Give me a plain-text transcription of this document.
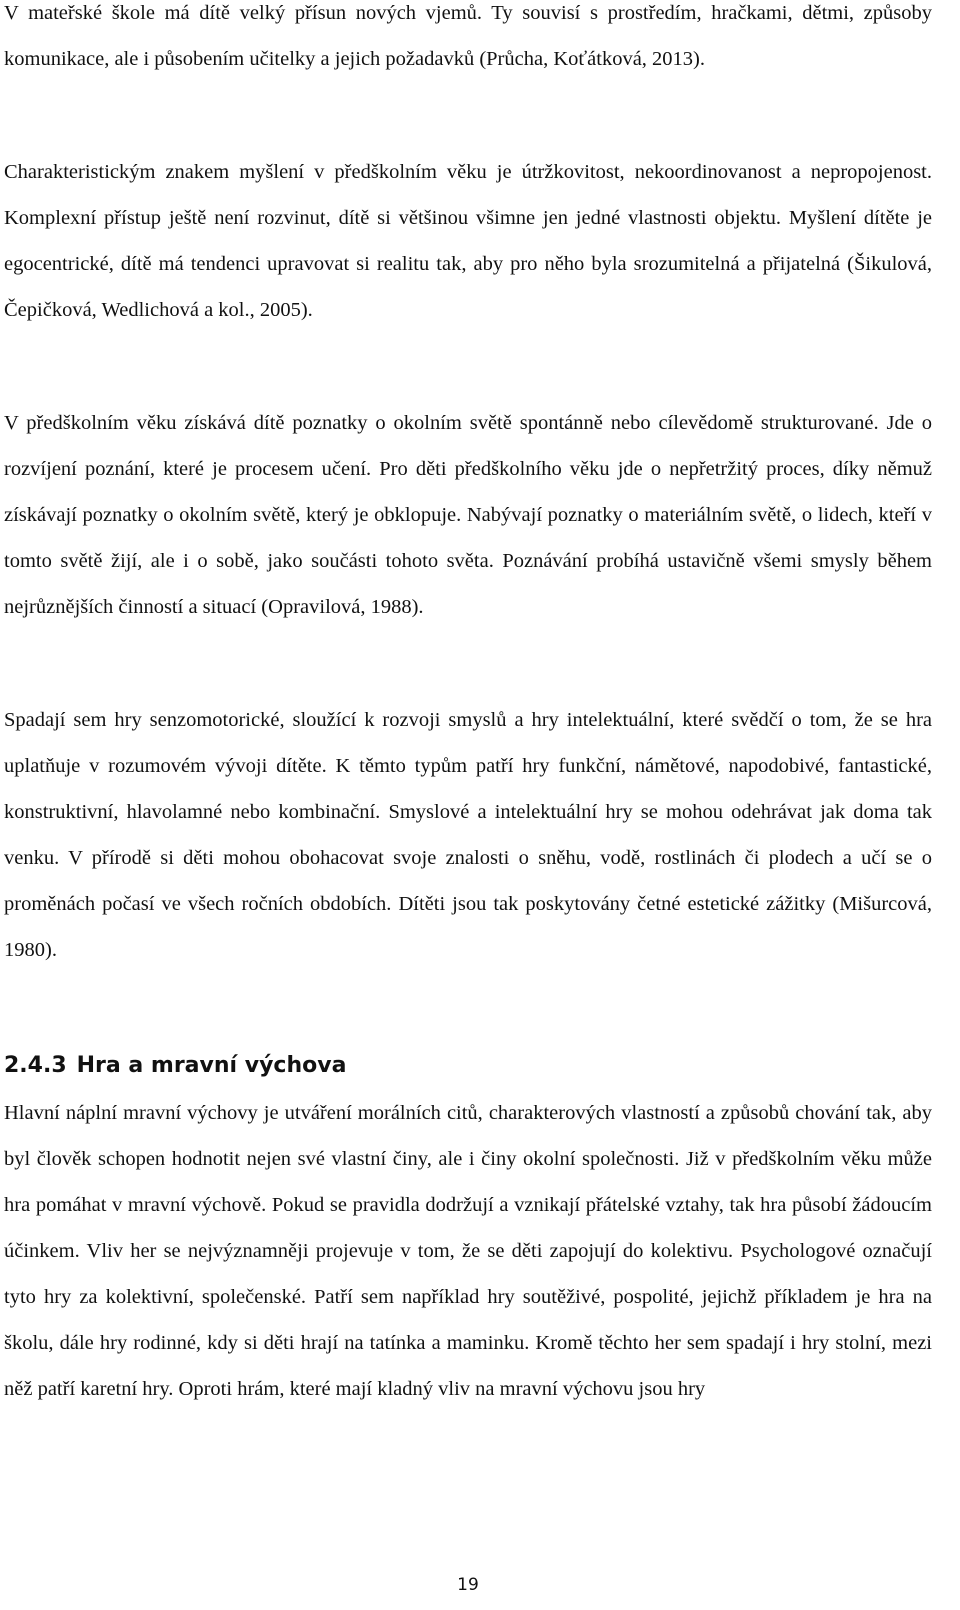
V mateřské škole má dítě velký přísun nových vjemů. Ty souvisí s prostředím, hračkami, dětmi, způsoby komunikace, ale i působením učitelky a jejich požadavků (Průcha, Koťátková, 2013).

Charakteristickým znakem myšlení v předškolním věku je útržkovitost, nekoordinovanost a nepropojenost. Komplexní přístup ještě není rozvinut, dítě si většinou všimne jen jedné vlastnosti objektu. Myšlení dítěte je egocentrické, dítě má tendenci upravovat si realitu tak, aby pro něho byla srozumitelná a přijatelná (Šikulová, Čepičková, Wedlichová a kol., 2005).

V předškolním věku získává dítě poznatky o okolním světě spontánně nebo cílevědomě strukturované. Jde o rozvíjení poznání, které je procesem učení. Pro děti předškolního věku jde o nepřetržitý proces, díky němuž získávají poznatky o okolním světě, který je obklopuje. Nabývají poznatky o materiálním světě, o lidech, kteří v tomto světě žijí, ale i o sobě, jako součásti tohoto světa. Poznávání probíhá ustavičně všemi smysly během nejrůznějších činností a situací (Opravilová, 1988).

Spadají sem hry senzomotorické, sloužící k rozvoji smyslů a hry intelektuální, které svědčí o tom, že se hra uplatňuje v rozumovém vývoji dítěte. K těmto typům patří hry funkční, námětové, napodobivé, fantastické, konstruktivní, hlavolamné nebo kombinační. Smyslové a intelektuální hry se mohou odehrávat jak doma tak venku. V přírodě si děti mohou obohacovat svoje znalosti o sněhu, vodě, rostlinách či plodech a učí se o proměnách počasí ve všech ročních obdobích. Dítěti jsou tak poskytovány četné estetické zážitky (Mišurcová, 1980).

2.4.3 Hra a mravní výchova

Hlavní náplní mravní výchovy je utváření morálních citů, charakterových vlastností a způsobů chování tak, aby byl člověk schopen hodnotit nejen své vlastní činy, ale i činy okolní společnosti. Již v předškolním věku může hra pomáhat v mravní výchově. Pokud se pravidla dodržují a vznikají přátelské vztahy, tak hra působí žádoucím účinkem. Vliv her se nejvýznamněji projevuje v tom, že se děti zapojují do kolektivu. Psychologové označují tyto hry za kolektivní, společenské. Patří sem například hry soutěživé, pospolité, jejichž příkladem je hra na školu, dále hry rodinné, kdy si děti hrají na tatínka a maminku. Kromě těchto her sem spadají i hry stolní, mezi něž patří karetní hry. Oproti hrám, které mají kladný vliv na mravní výchovu jsou hry

19
